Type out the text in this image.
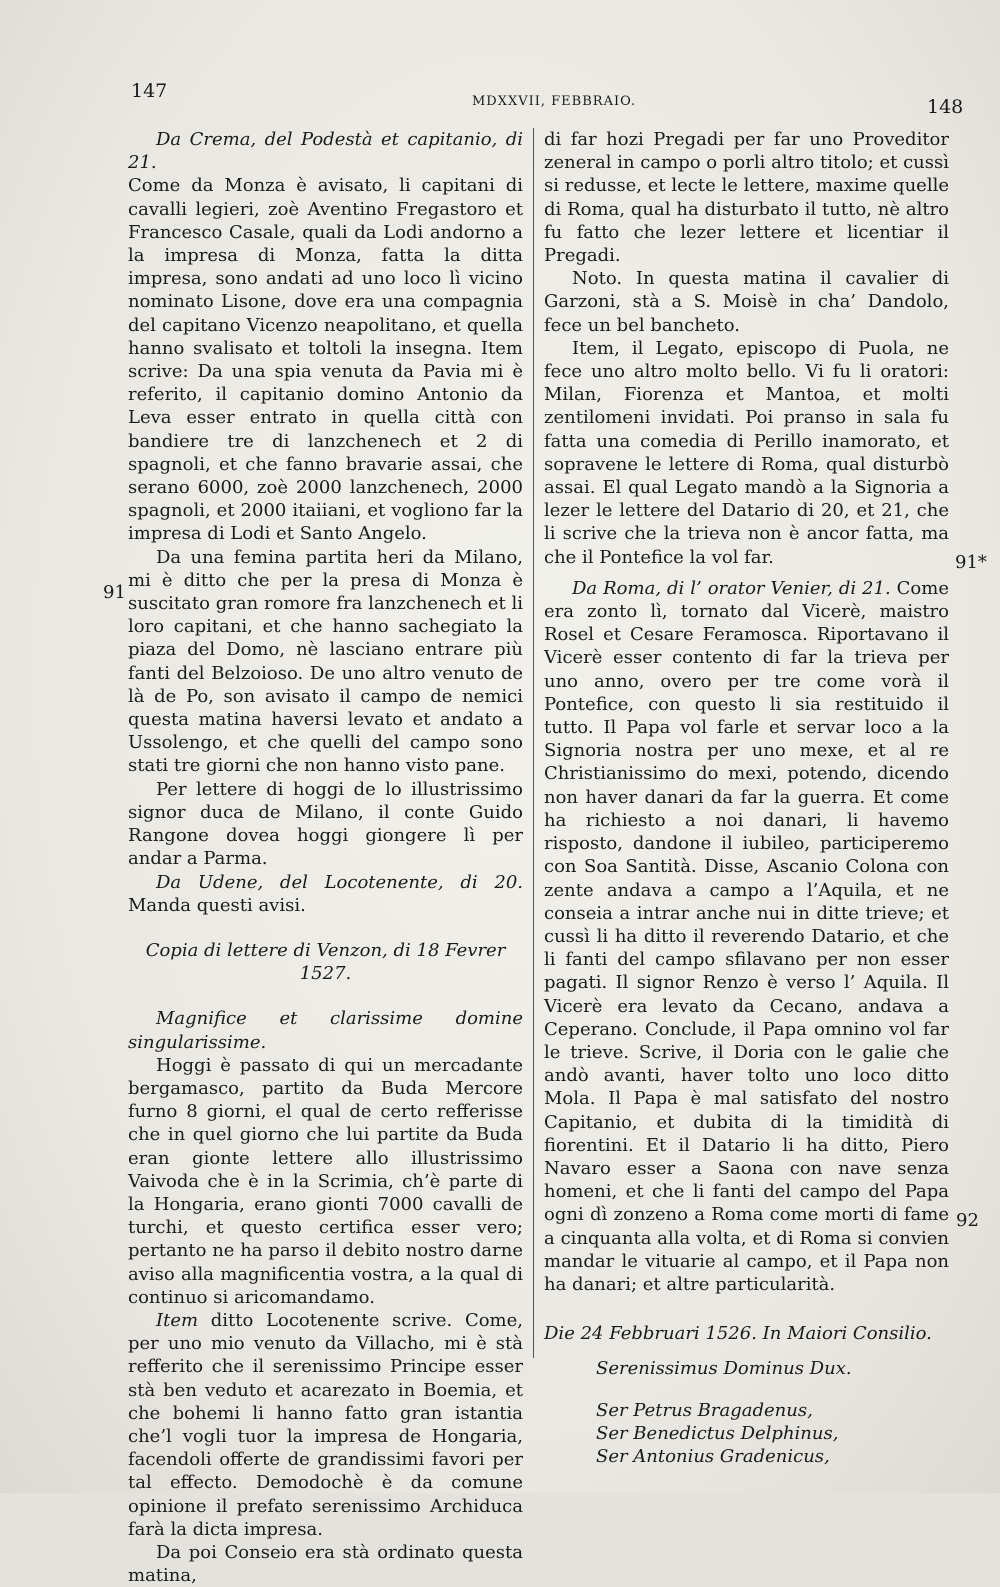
147	MDXXVII, FEBBRAIO.	148
91
91*
92

Da Crema, del Podestà et capitanio, di 21.

Come da Monza è avisato, li capitani di cavalli legieri, zoè Aventino Fregastoro et Francesco Casale, quali da Lodi andorno a la impresa di Monza, fatta la ditta impresa, sono andati ad uno loco lì vicino nominato Lisone, dove era una compagnia del capitano Vicenzo neapolitano, et quella hanno svalisato et toltoli la insegna. Item scrive: Da una spia venuta da Pavia mi è referito, il capitanio domino Antonio da Leva esser entrato in quella città con bandiere tre di lanzchenech et 2 di spagnoli, et che fanno bravarie assai, che serano 6000, zoè 2000 lanzchenech, 2000 spagnoli, et 2000 itaiiani, et vogliono far la impresa di Lodi et Santo Angelo.

Da una femina partita heri da Milano, mi è ditto che per la presa di Monza è suscitato gran romore fra lanzchenech et li loro capitani, et che hanno sachegiato la piaza del Domo, nè lasciano entrare più fanti del Belzoioso. De uno altro venuto de là de Po, son avisato il campo de nemici questa matina haversi levato et andato a Ussolengo, et che quelli del campo sono stati tre giorni che non hanno visto pane.

Per lettere di hoggi de lo illustrissimo signor duca de Milano, il conte Guido Rangone dovea hoggi giongere lì per andar a Parma.

Da Udene, del Locotenente, di 20. Manda questi avisi.

Copia di lettere di Venzon, di 18 Fevrer 1527.

Magnifice et clarissime domine singularissime.

Hoggi è passato di qui un mercadante bergamasco, partito da Buda Mercore furno 8 giorni, el qual de certo refferisse che in quel giorno che lui partite da Buda eran gionte lettere allo illustrissimo Vaivoda che è in la Scrimia, ch’è parte di la Hongaria, erano gionti 7000 cavalli de turchi, et questo certifica esser vero; pertanto ne ha parso il debito nostro darne aviso alla magnificentia vostra, a la qual di continuo si aricomandamo.

Item ditto Locotenente scrive. Come, per uno mio venuto da Villacho, mi è stà refferito che il serenissimo Principe esser stà ben veduto et acarezato in Boemia, et che bohemi li hanno fatto gran istantia che’l vogli tuor la impresa de Hongaria, facendoli offerte de grandissimi favori per tal effecto. Demodochè è da comune opinione il prefato serenissimo Archiduca farà la dicta impresa.

Da poi Conseio era stà ordinato questa matina,

di far hozi Pregadi per far uno Proveditor zeneral in campo o porli altro titolo; et cussì si redusse, et lecte le lettere, maxime quelle di Roma, qual ha disturbato il tutto, nè altro fu fatto che lezer lettere et licentiar il Pregadi.

Noto. In questa matina il cavalier di Garzoni, stà a S. Moisè in cha’ Dandolo, fece un bel bancheto.

Item, il Legato, episcopo di Puola, ne fece uno altro molto bello. Vi fu li oratori: Milan, Fiorenza et Mantoa, et molti zentilomeni invidati. Poi pranso in sala fu fatta una comedia di Perillo inamorato, et sopravene le lettere di Roma, qual disturbò assai. El qual Legato mandò a la Signoria a lezer le lettere del Datario di 20, et 21, che li scrive che la trieva non è ancor fatta, ma che il Pontefice la vol far.

Da Roma, di l’ orator Venier, di 21. Come era zonto lì, tornato dal Vicerè, maistro Rosel et Cesare Feramosca. Riportavano il Vicerè esser contento di far la trieva per uno anno, overo per tre come vorà il Pontefice, con questo li sia restituido il tutto. Il Papa vol farle et servar loco a la Signoria nostra per uno mexe, et al re Christianissimo do mexi, potendo, dicendo non haver danari da far la guerra. Et come ha richiesto a noi danari, li havemo risposto, dandone il iubileo, participeremo con Soa Santità. Disse, Ascanio Colona con zente andava a campo a l’Aquila, et ne conseia a intrar anche nui in ditte trieve; et cussì li ha ditto il reverendo Datario, et che li fanti del campo sfilavano per non esser pagati. Il signor Renzo è verso l’ Aquila. Il Vicerè era levato da Cecano, andava a Ceperano. Conclude, il Papa omnino vol far le trieve. Scrive, il Doria con le galie che andò avanti, haver tolto uno loco ditto Mola. Il Papa è mal satisfato del nostro Capitanio, et dubita di la timidità di fiorentini. Et il Datario li ha ditto, Piero Navaro esser a Saona con nave senza homeni, et che li fanti del campo del Papa ogni dì zonzeno a Roma come morti di fame a cinquanta alla volta, et di Roma si convien mandar le vituarie al campo, et il Papa non ha danari; et altre particularità.

Die 24 Febbruari 1526. In Maiori Consilio.

Serenissimus Dominus Dux.

Ser Petrus Bragadenus,

Ser Benedictus Delphinus,

Ser Antonius Gradenicus,
